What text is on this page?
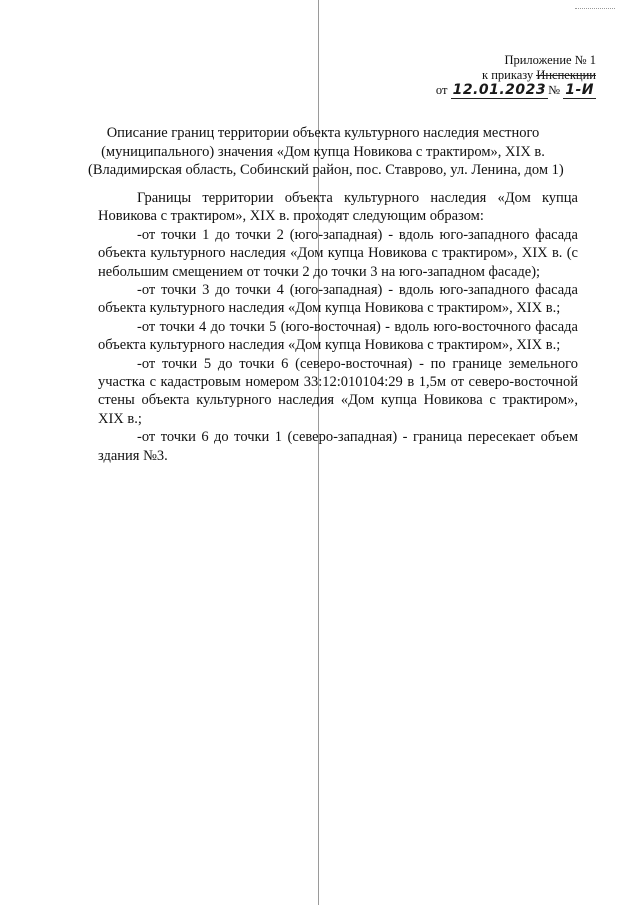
Приложение № 1
к приказу Инспекции
от 12.01.2023 № 1-И
Описание границ территории объекта культурного наследия местного
(муниципального) значения «Дом купца Новикова с трактиром», XIX в.
(Владимирская область, Собинский район, пос. Ставрово, ул. Ленина, дом 1)

Границы территории объекта культурного наследия «Дом купца Новикова с трактиром», XIX в. проходят следующим образом:

-от точки 1 до точки 2 (юго-западная) - вдоль юго-западного фасада объекта культурного наследия «Дом купца Новикова с трактиром», XIX в. (с небольшим смещением от точки 2 до точки 3 на юго-западном фасаде);

-от точки 3 до точки 4 (юго-западная) - вдоль юго-западного фасада объекта культурного наследия «Дом купца Новикова с трактиром», XIX в.;

-от точки 4 до точки 5 (юго-восточная) - вдоль юго-восточного фасада объекта культурного наследия «Дом купца Новикова с трактиром», XIX в.;

-от точки 5 до точки 6 (северо-восточная) - по границе земельного участка с кадастровым номером 33:12:010104:29 в 1,5м от северо-восточной стены объекта культурного наследия «Дом купца Новикова с трактиром», XIX в.;

-от точки 6 до точки 1 (северо-западная) - граница пересекает объем здания №3.
